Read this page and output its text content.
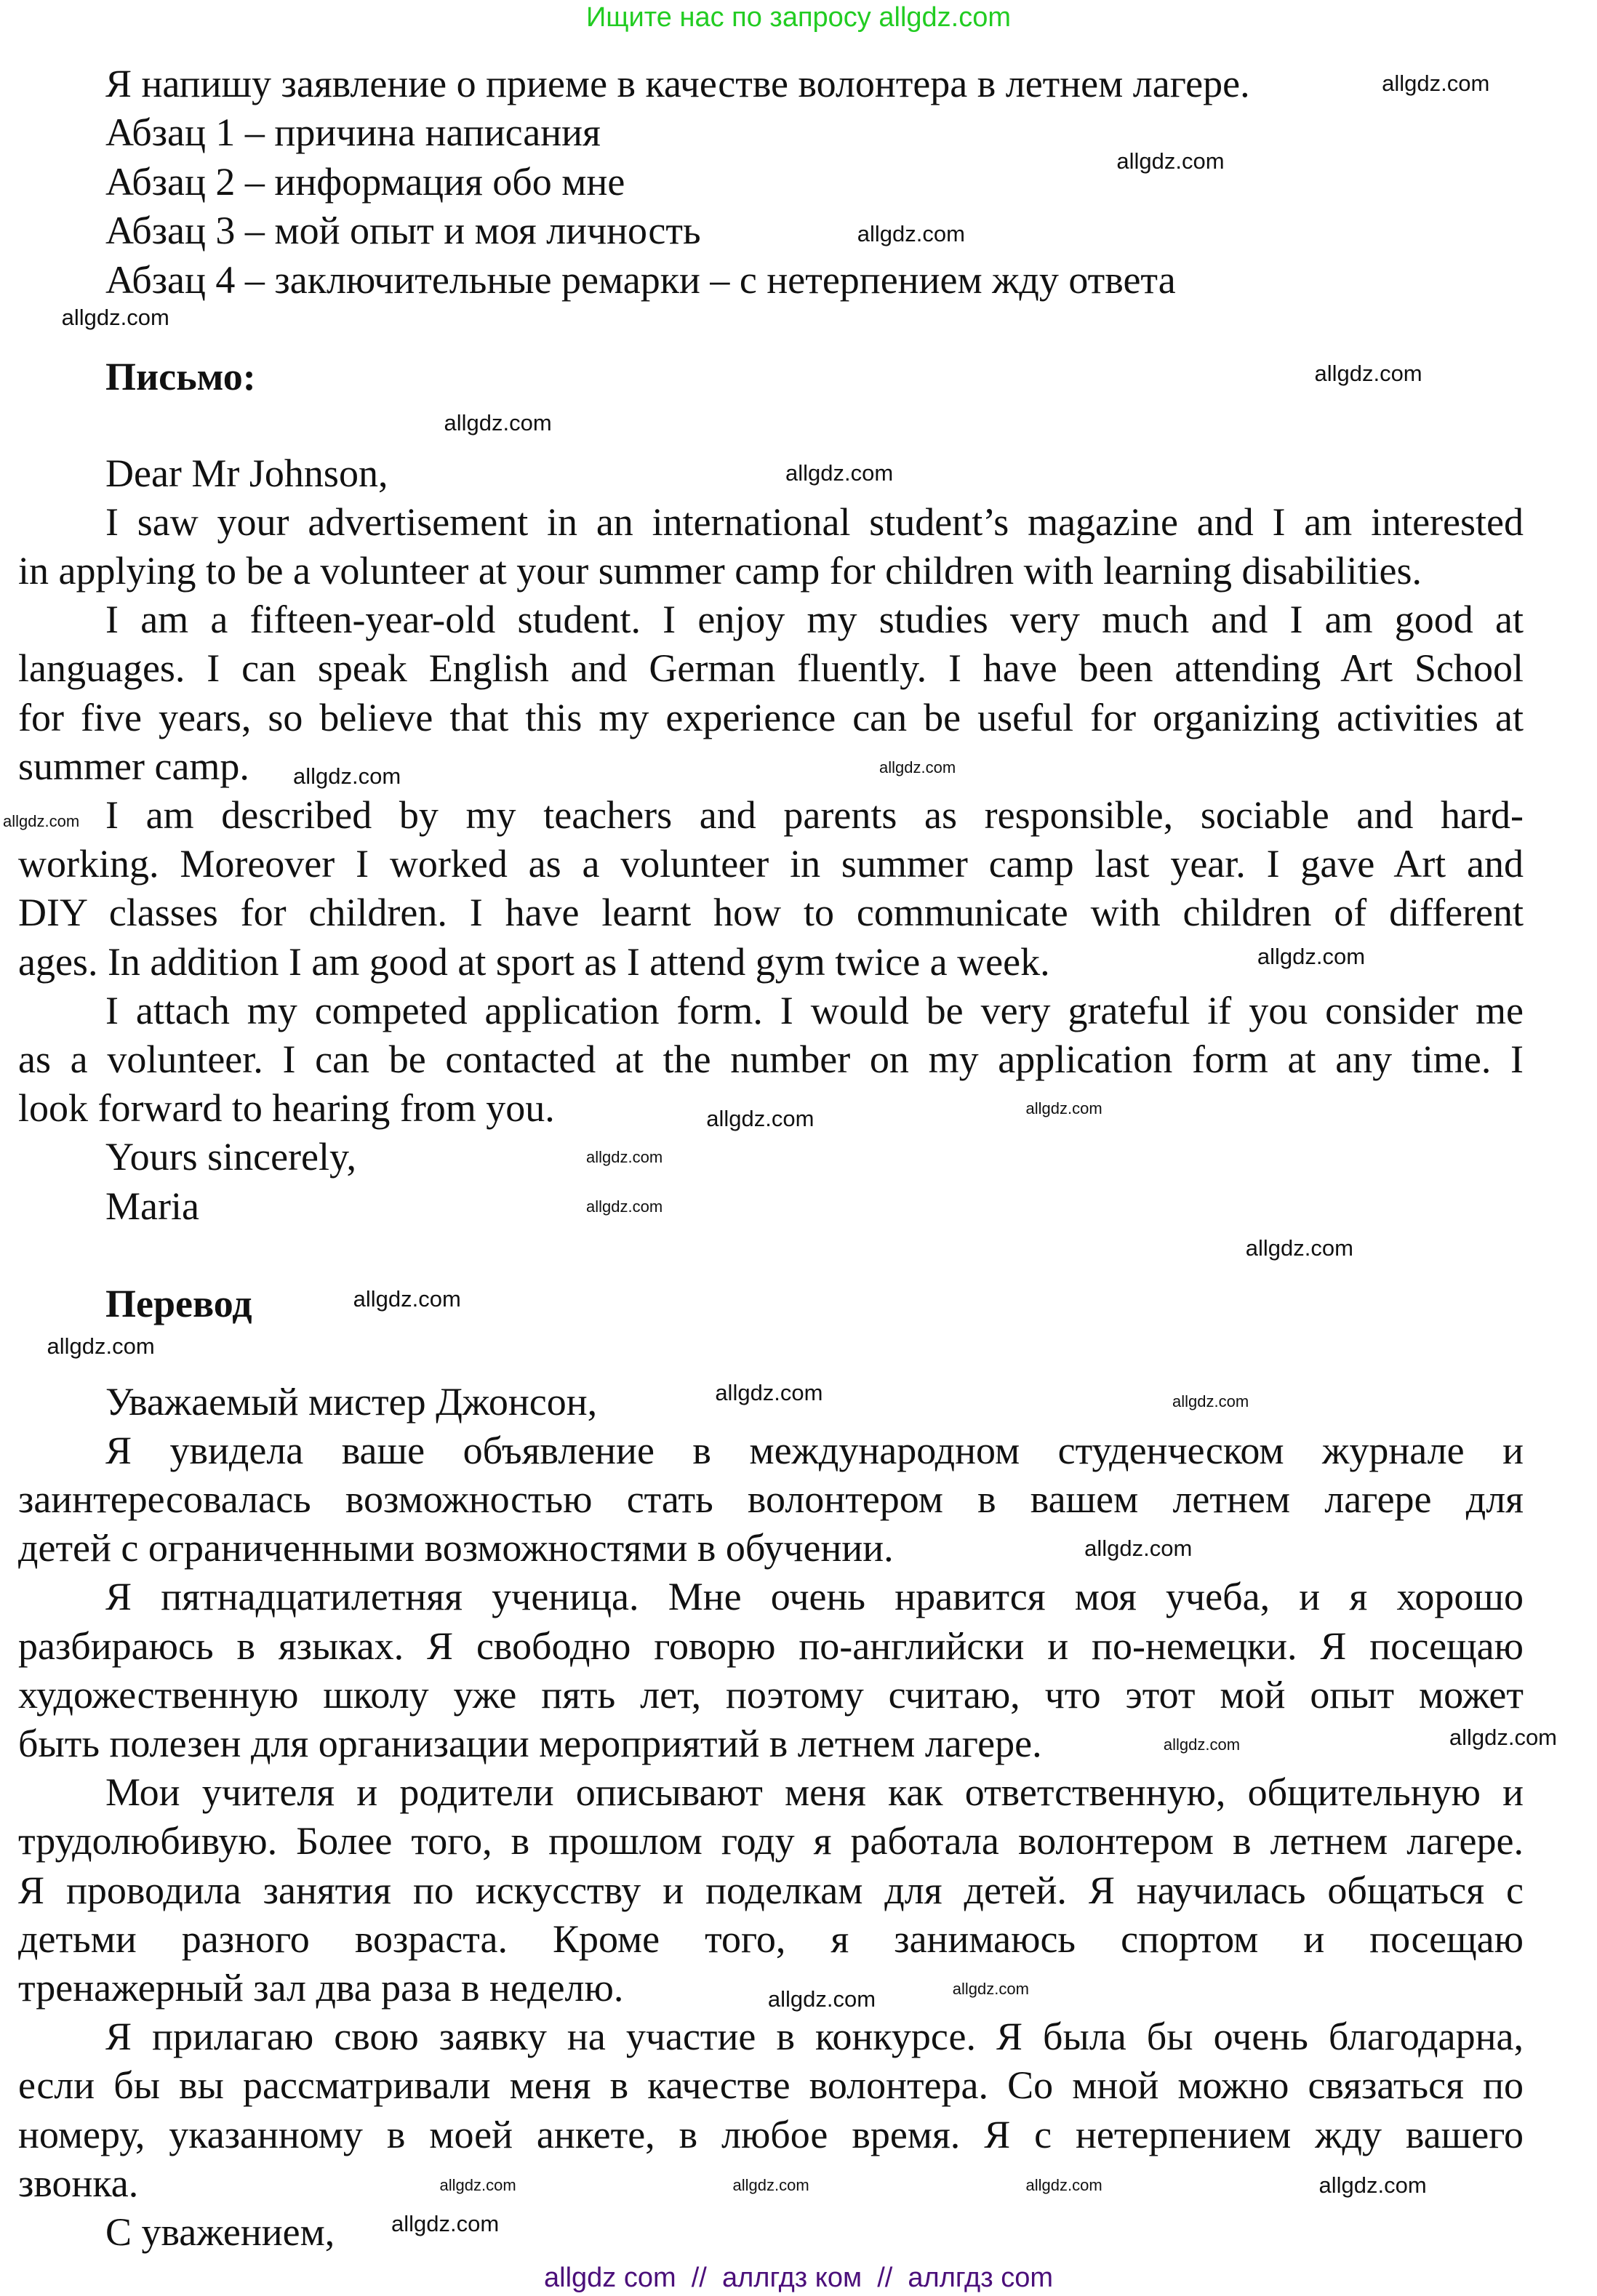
Ищите нас по запросу allgdz.com
Я напишу заявление о приеме в качестве волонтера в летнем лагере.
Абзац 1 – причина написания
Абзац 2 – информация обо мне
Абзац 3 – мой опыт и моя личность
Абзац 4 – заключительные ремарки – с нетерпением жду ответа
Письмо:
Перевод
Dear Mr Johnson,
I saw your advertisement in an international student’s magazine and I am interested
in applying to be a volunteer at your summer camp for children with learning disabilities.
I am a fifteen-year-old student. I enjoy my studies very much and I am good at
languages. I can speak English and German fluently. I have been attending Art School
for five years, so believe that this my experience can be useful for organizing activities at
summer camp.
I am described by my teachers and parents as responsible, sociable and hard-
working. Moreover I worked as a volunteer in summer camp last year. I gave Art and
DIY classes for children. I have learnt how to communicate with children of different
ages. In addition I am good at sport as I attend gym twice a week.
I attach my competed application form. I would be very grateful if you consider me
as a volunteer. I can be contacted at the number on my application form at any time. I
look forward to hearing from you.
Yours sincerely,
Maria
Уважаемый мистер Джонсон,
Я увидела ваше объявление в международном студенческом журнале и
заинтересовалась возможностью стать волонтером в вашем летнем лагере для
детей с ограниченными возможностями в обучении.
Я пятнадцатилетняя ученица. Мне очень нравится моя учеба, и я хорошо
разбираюсь в языках. Я свободно говорю по-английски и по-немецки. Я посещаю
художественную школу уже пять лет, поэтому считаю, что этот мой опыт может
быть полезен для организации мероприятий в летнем лагере.
Мои учителя и родители описывают меня как ответственную, общительную и
трудолюбивую. Более того, в прошлом году я работала волонтером в летнем лагере.
Я проводила занятия по искусству и поделкам для детей. Я научилась общаться с
детьми разного возраста. Кроме того, я занимаюсь спортом и посещаю
тренажерный зал два раза в неделю.
Я прилагаю свою заявку на участие в конкурсе. Я была бы очень благодарна,
если бы вы рассматривали меня в качестве волонтера. Со мной можно связаться по
номеру, указанному в моей анкете, в любое время. Я с нетерпением жду вашего
звонка.
С уважением,
allgdz.com
allgdz.com
allgdz.com
allgdz.com
allgdz.com
allgdz.com
allgdz.com
allgdz.com
allgdz.com
allgdz.com
allgdz.com
allgdz.com
allgdz.com
allgdz.com
allgdz.com
allgdz.com
allgdz.com
allgdz.com
allgdz.com	allgdz.com
allgdz.com
allgdz.com
allgdz.com
allgdz.com
allgdz.com	allgdz.com	allgdz.com
allgdz.com
allgdz.com
allgdz.com
allgdz com  //  аллгдз ком  //  аллгдз com
